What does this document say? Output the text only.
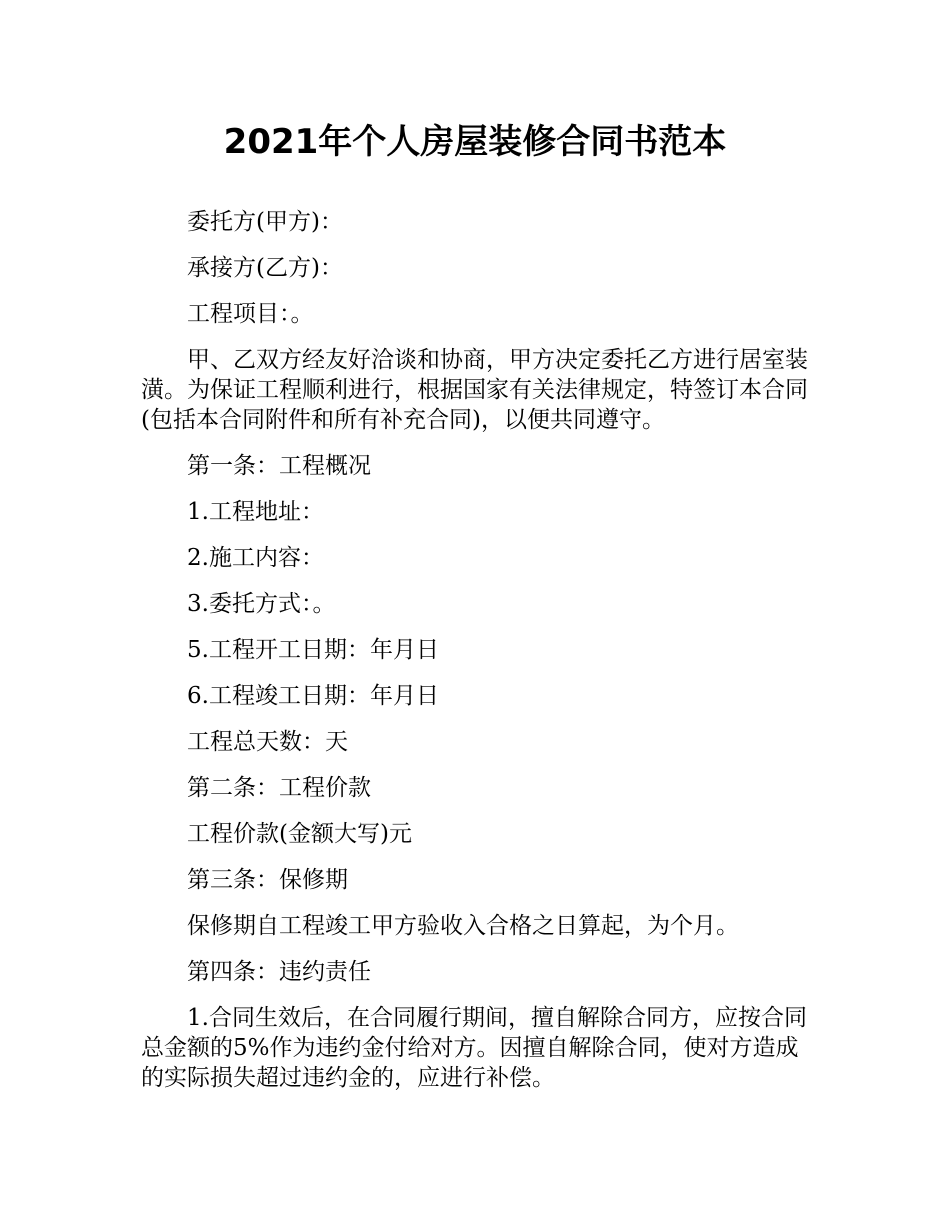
2021年个人房屋装修合同书范本

委托方(甲方)：

承接方(乙方)：

工程项目：。

甲、乙双方经友好洽谈和协商，甲方决定委托乙方进行居室装潢。为保证工程顺利进行，根据国家有关法律规定，特签订本合同(包括本合同附件和所有补充合同)，以便共同遵守。

第一条：工程概况

1.工程地址：

2.施工内容：

3.委托方式：。

5.工程开工日期：年月日

6.工程竣工日期：年月日

工程总天数：天

第二条：工程价款

工程价款(金额大写)元

第三条：保修期

保修期自工程竣工甲方验收入合格之日算起，为个月。

第四条：违约责任

1.合同生效后，在合同履行期间，擅自解除合同方，应按合同总金额的5%作为违约金付给对方。因擅自解除合同，使对方造成的实际损失超过违约金的，应进行补偿。
